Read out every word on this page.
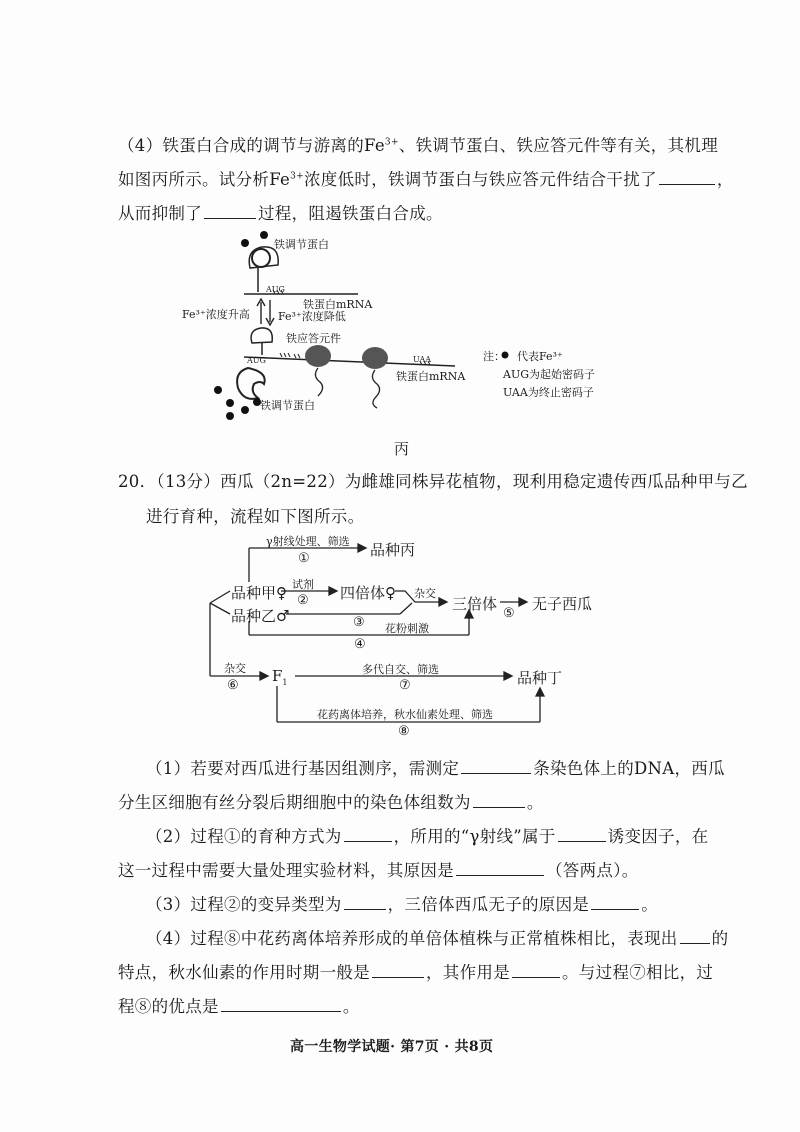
（4）铁蛋白合成的调节与游离的$Fe^{3+}$、铁调节蛋白、铁应答元件等有关，其机理
如图丙所示。试分析$Fe^{3+}$浓度低时，铁调节蛋白与铁应答元件结合干扰了	，
从而抑制了	过程，阻遏铁蛋白合成。
铁调节蛋白
AUG
铁蛋白mRNA
Fe³⁺浓度升高	Fe³⁺浓度降低
铁应答元件
AUG	UAA
铁蛋白mRNA
铁调节蛋白
注： 代表Fe³⁺
AUG为起始密码子
UAA为终止密码子
丙
20．（13分）西瓜（2n=22）为雌雄同株异花植物，现利用稳定遗传西瓜品种甲与乙
进行育种，流程如下图所示。
γ射线处理、筛选
①	品种丙
品种甲♀ 试剂
② 四倍体♀ 杂交
三倍体
⑤
无子西瓜
品种乙♂	③ 花粉刺激
④
杂交
⑥
$F_1$
多代自交、筛选
⑦	品种丁
花药离体培养，秋水仙素处理、筛选
⑧
（1）若要对西瓜进行基因组测序，需测定	条染色体上的DNA，西瓜
分生区细胞有丝分裂后期细胞中的染色体组数为	。
（2）过程①的育种方式为	，所用的“γ射线”属于	诱变因子，在
这一过程中需要大量处理实验材料，其原因是	（答两点）。
（3）过程②的变异类型为	，三倍体西瓜无子的原因是	。
（4）过程⑧中花药离体培养形成的单倍体植株与正常植株相比，表现出 的
特点，秋水仙素的作用时期一般是	，其作用是	。与过程⑦相比，过
程⑧的优点是	。
高一生物学试题· 第7页 · 共8页
